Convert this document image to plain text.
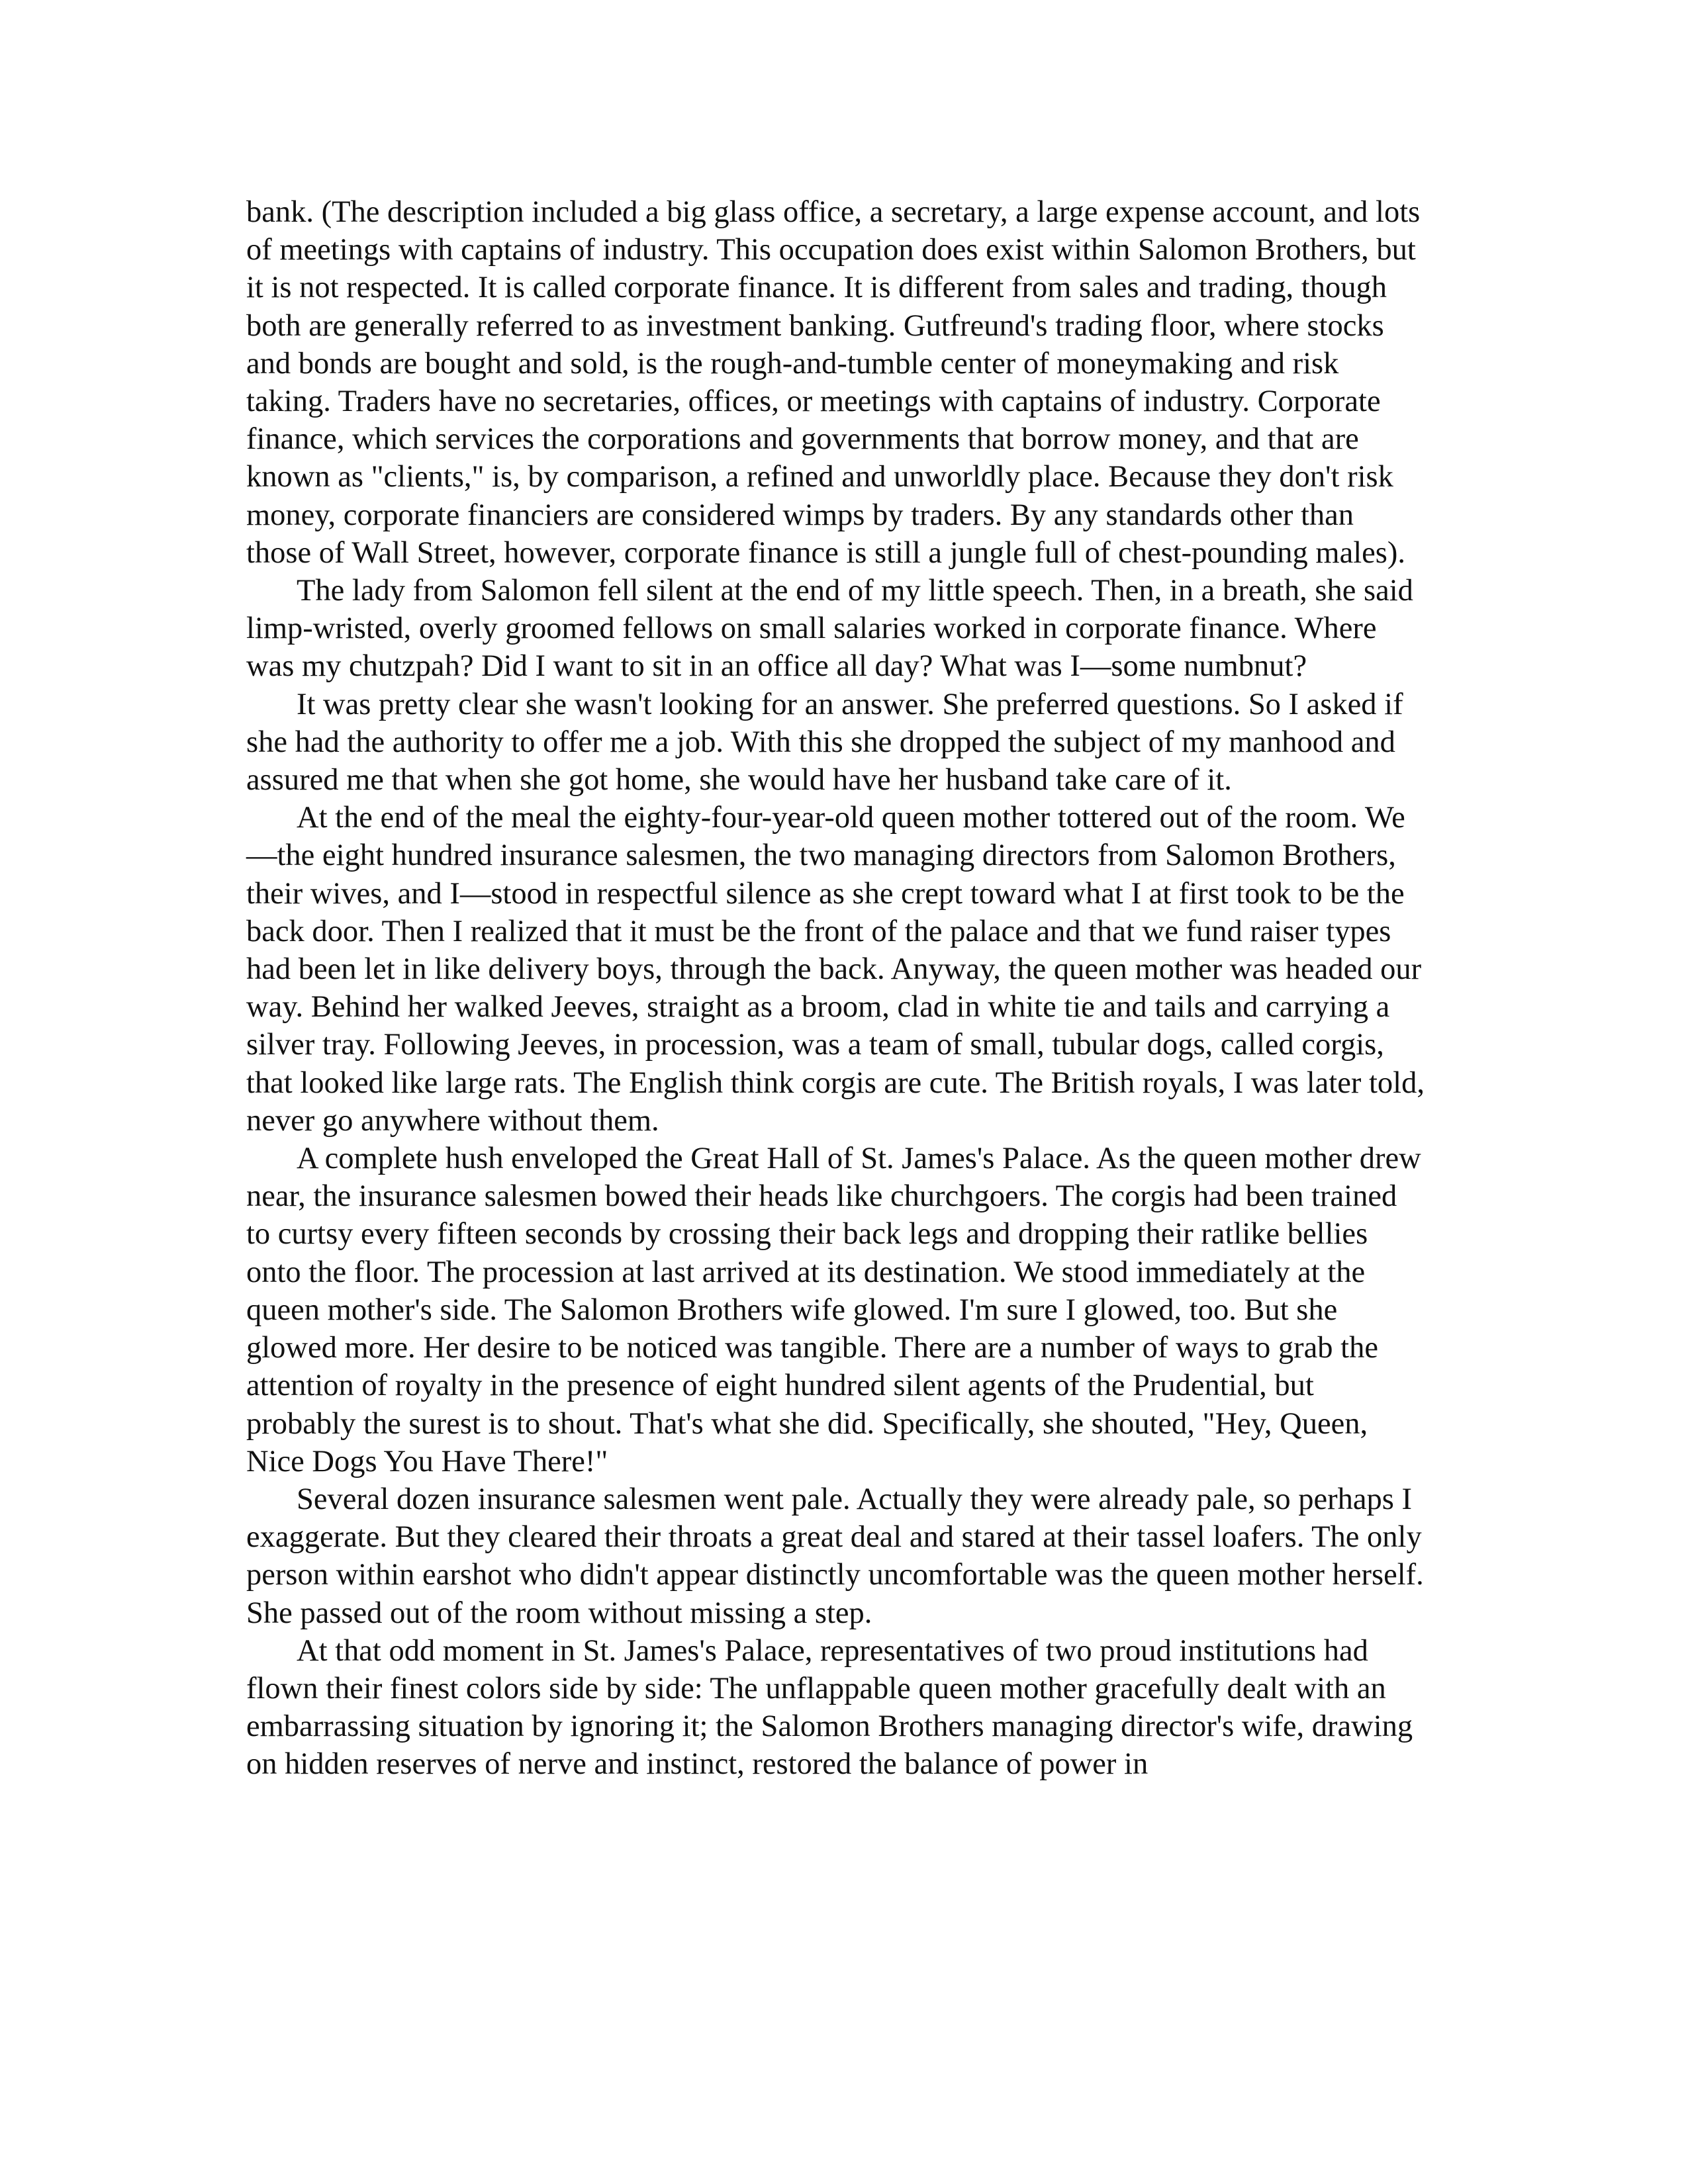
bank. (The description included a big glass office, a secretary, a large expense account, and lots of meetings with captains of industry. This occupation does exist within Salomon Brothers, but it is not respected. It is called corporate finance. It is different from sales and trading, though both are generally referred to as investment banking. Gutfreund's trading floor, where stocks and bonds are bought and sold, is the rough-and-tumble center of moneymaking and risk taking. Traders have no secretaries, offices, or meetings with captains of industry. Corporate finance, which services the corporations and governments that borrow money, and that are known as "clients," is, by comparison, a refined and unworldly place. Because they don't risk money, corporate financiers are considered wimps by traders. By any standards other than those of Wall Street, however, corporate finance is still a jungle full of chest-pounding males).

The lady from Salomon fell silent at the end of my little speech. Then, in a breath, she said limp-wristed, overly groomed fellows on small salaries worked in corporate finance. Where was my chutzpah? Did I want to sit in an office all day? What was I—some numbnut?

It was pretty clear she wasn't looking for an answer. She preferred questions. So I asked if she had the authority to offer me a job. With this she dropped the subject of my manhood and assured me that when she got home, she would have her husband take care of it.

At the end of the meal the eighty-four-year-old queen mother tottered out of the room. We—the eight hundred insurance salesmen, the two managing directors from Salomon Brothers, their wives, and I—stood in respectful silence as she crept toward what I at first took to be the back door. Then I realized that it must be the front of the palace and that we fund raiser types had been let in like delivery boys, through the back. Anyway, the queen mother was headed our way. Behind her walked Jeeves, straight as a broom, clad in white tie and tails and carrying a silver tray. Following Jeeves, in procession, was a team of small, tubular dogs, called corgis, that looked like large rats. The English think corgis are cute. The British royals, I was later told, never go anywhere without them.

A complete hush enveloped the Great Hall of St. James's Palace. As the queen mother drew near, the insurance salesmen bowed their heads like churchgoers. The corgis had been trained to curtsy every fifteen seconds by crossing their back legs and dropping their ratlike bellies onto the floor. The procession at last arrived at its destination. We stood immediately at the queen mother's side. The Salomon Brothers wife glowed. I'm sure I glowed, too. But she glowed more. Her desire to be noticed was tangible. There are a number of ways to grab the attention of royalty in the presence of eight hundred silent agents of the Prudential, but probably the surest is to shout. That's what she did. Specifically, she shouted, "Hey, Queen, Nice Dogs You Have There!"

Several dozen insurance salesmen went pale. Actually they were already pale, so perhaps I exaggerate. But they cleared their throats a great deal and stared at their tassel loafers. The only person within earshot who didn't appear distinctly uncomfortable was the queen mother herself. She passed out of the room without missing a step.

At that odd moment in St. James's Palace, representatives of two proud institutions had flown their finest colors side by side: The unflappable queen mother gracefully dealt with an embarrassing situation by ignoring it; the Salomon Brothers managing director's wife, drawing on hidden reserves of nerve and instinct, restored the balance of power in
